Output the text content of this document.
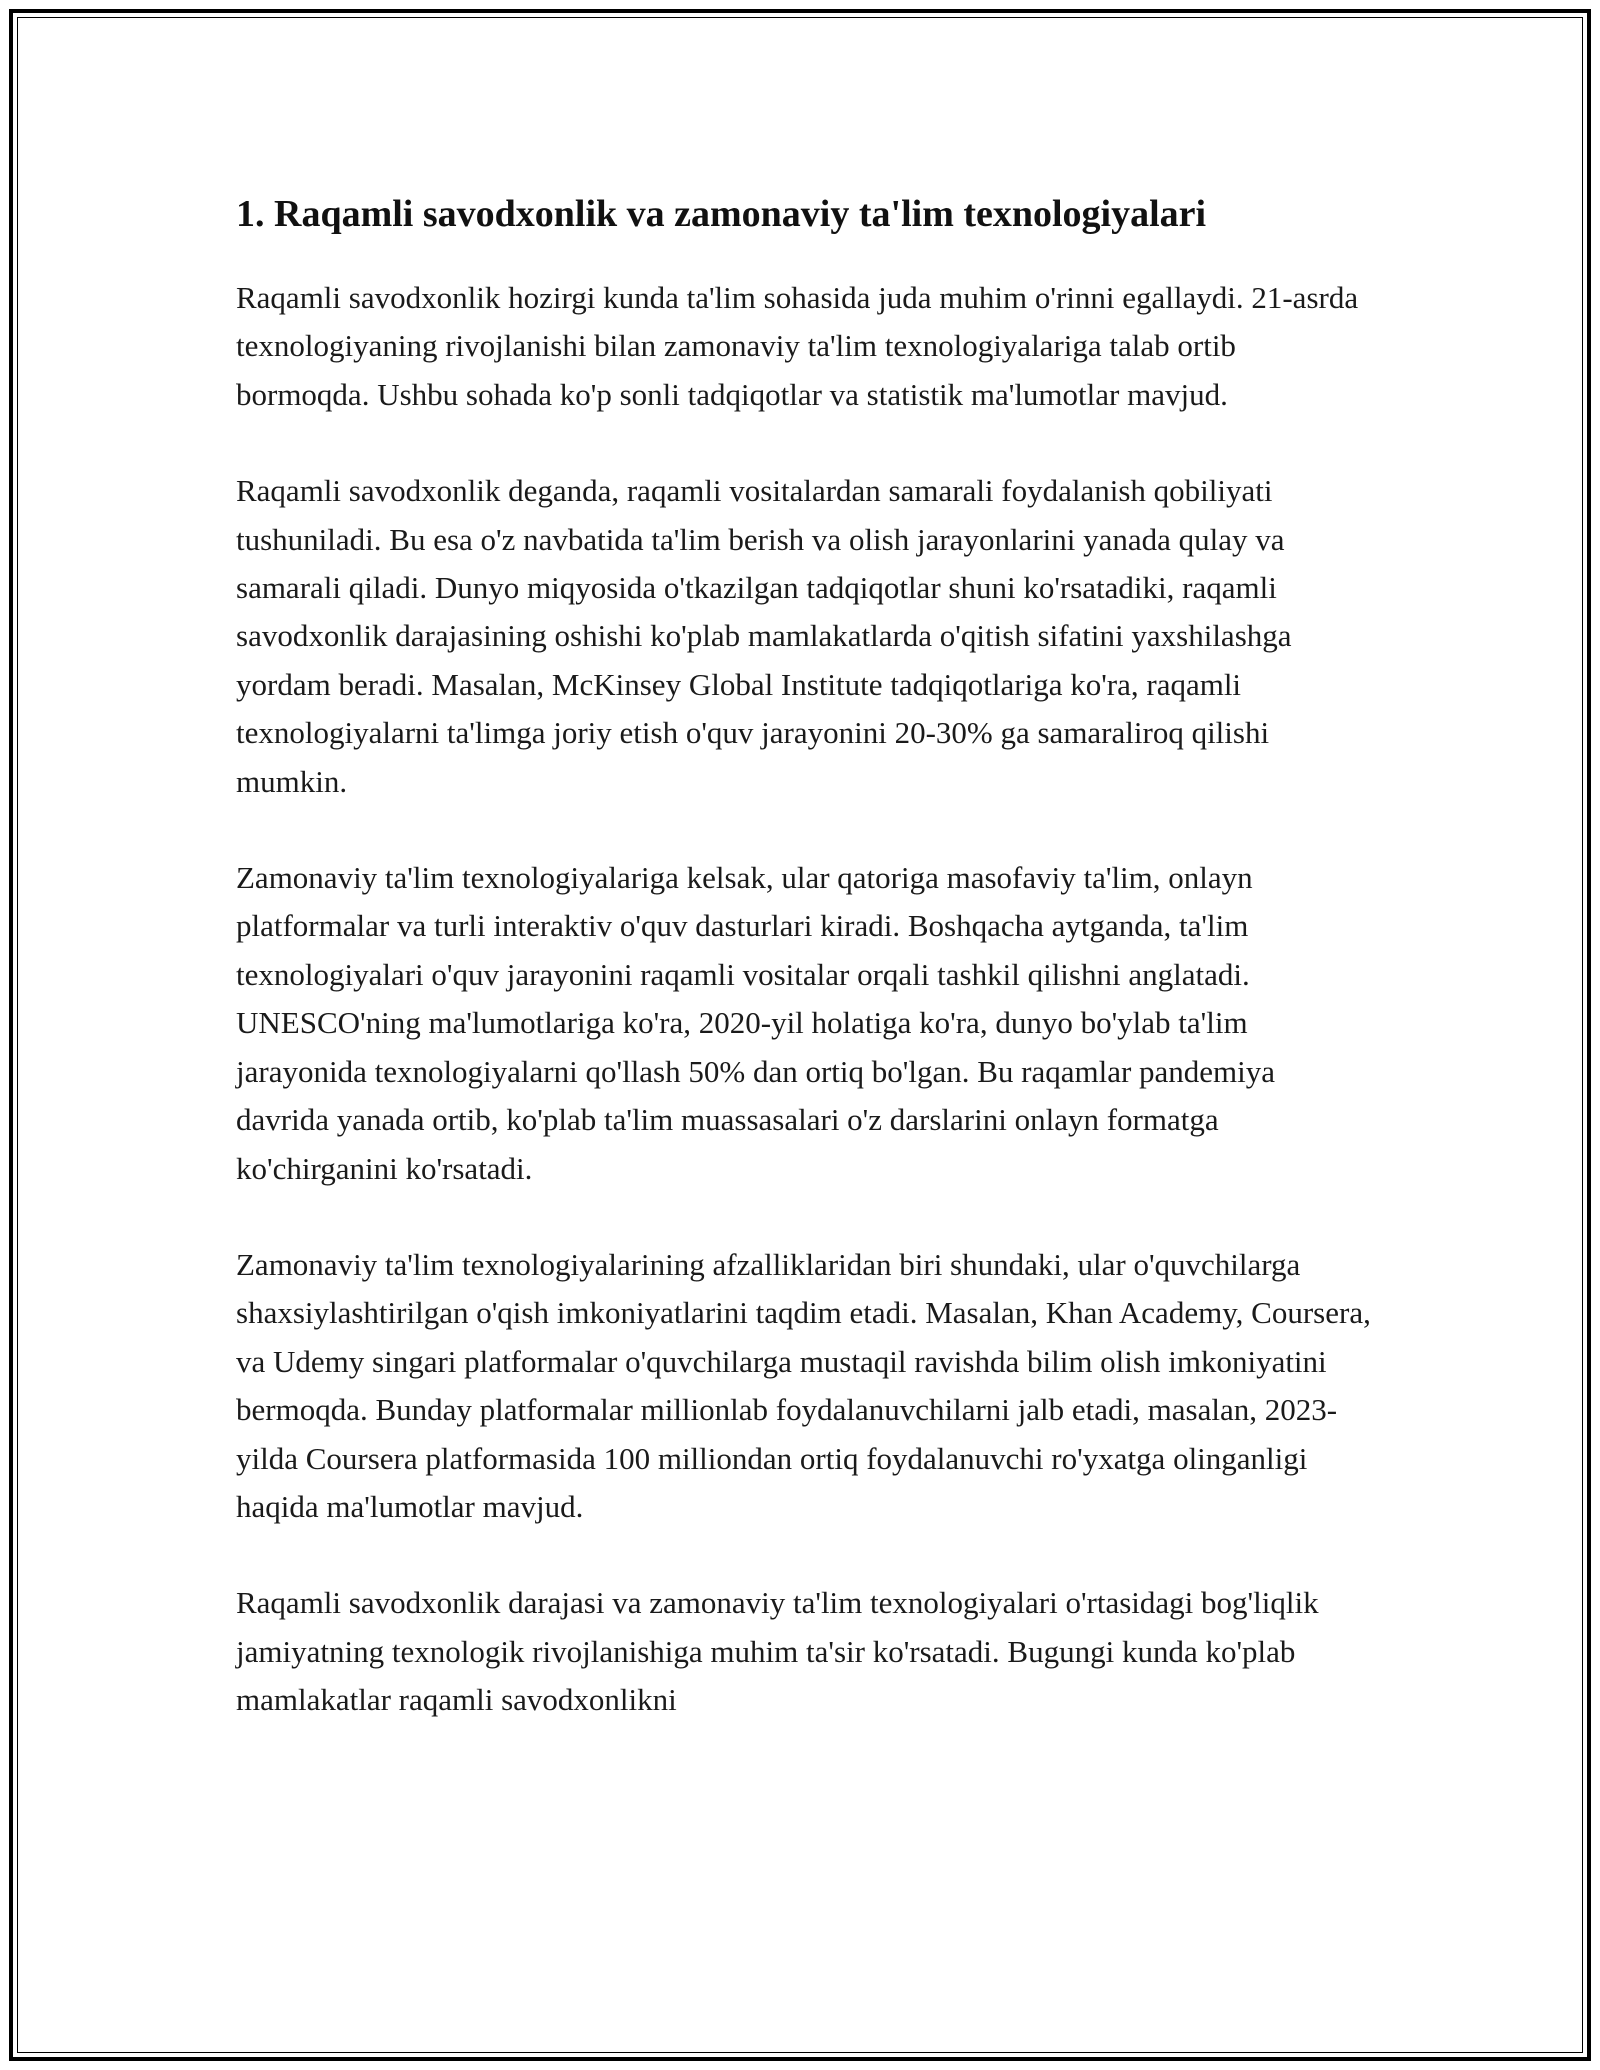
1. Raqamli savodxonlik va zamonaviy ta'lim texnologiyalari

Raqamli savodxonlik hozirgi kunda ta'lim sohasida juda muhim o'rinni egallaydi. 21-asrda texnologiyaning rivojlanishi bilan zamonaviy ta'lim texnologiyalariga talab ortib bormoqda. Ushbu sohada ko'p sonli tadqiqotlar va statistik ma'lumotlar mavjud.

Raqamli savodxonlik deganda, raqamli vositalardan samarali foydalanish qobiliyati tushuniladi. Bu esa o'z navbatida ta'lim berish va olish jarayonlarini yanada qulay va samarali qiladi. Dunyo miqyosida o'tkazilgan tadqiqotlar shuni ko'rsatadiki, raqamli savodxonlik darajasining oshishi ko'plab mamlakatlarda o'qitish sifatini yaxshilashga yordam beradi. Masalan, McKinsey Global Institute tadqiqotlariga ko'ra, raqamli texnologiyalarni ta'limga joriy etish o'quv jarayonini 20-30% ga samaraliroq qilishi mumkin.

Zamonaviy ta'lim texnologiyalariga kelsak, ular qatoriga masofaviy ta'lim, onlayn platformalar va turli interaktiv o'quv dasturlari kiradi. Boshqacha aytganda, ta'lim texnologiyalari o'quv jarayonini raqamli vositalar orqali tashkil qilishni anglatadi. UNESCO'ning ma'lumotlariga ko'ra, 2020-yil holatiga ko'ra, dunyo bo'ylab ta'lim jarayonida texnologiyalarni qo'llash 50% dan ortiq bo'lgan. Bu raqamlar pandemiya davrida yanada ortib, ko'plab ta'lim muassasalari o'z darslarini onlayn formatga ko'chirganini ko'rsatadi.

Zamonaviy ta'lim texnologiyalarining afzalliklaridan biri shundaki, ular o'quvchilarga shaxsiylashtirilgan o'qish imkoniyatlarini taqdim etadi. Masalan, Khan Academy, Coursera, va Udemy singari platformalar o'quvchilarga mustaqil ravishda bilim olish imkoniyatini bermoqda. Bunday platformalar millionlab foydalanuvchilarni jalb etadi, masalan, 2023-yilda Coursera platformasida 100 milliondan ortiq foydalanuvchi ro'yxatga olinganligi haqida ma'lumotlar mavjud.

Raqamli savodxonlik darajasi va zamonaviy ta'lim texnologiyalari o'rtasidagi bog'liqlik jamiyatning texnologik rivojlanishiga muhim ta'sir ko'rsatadi. Bugungi kunda ko'plab mamlakatlar raqamli savodxonlikni
